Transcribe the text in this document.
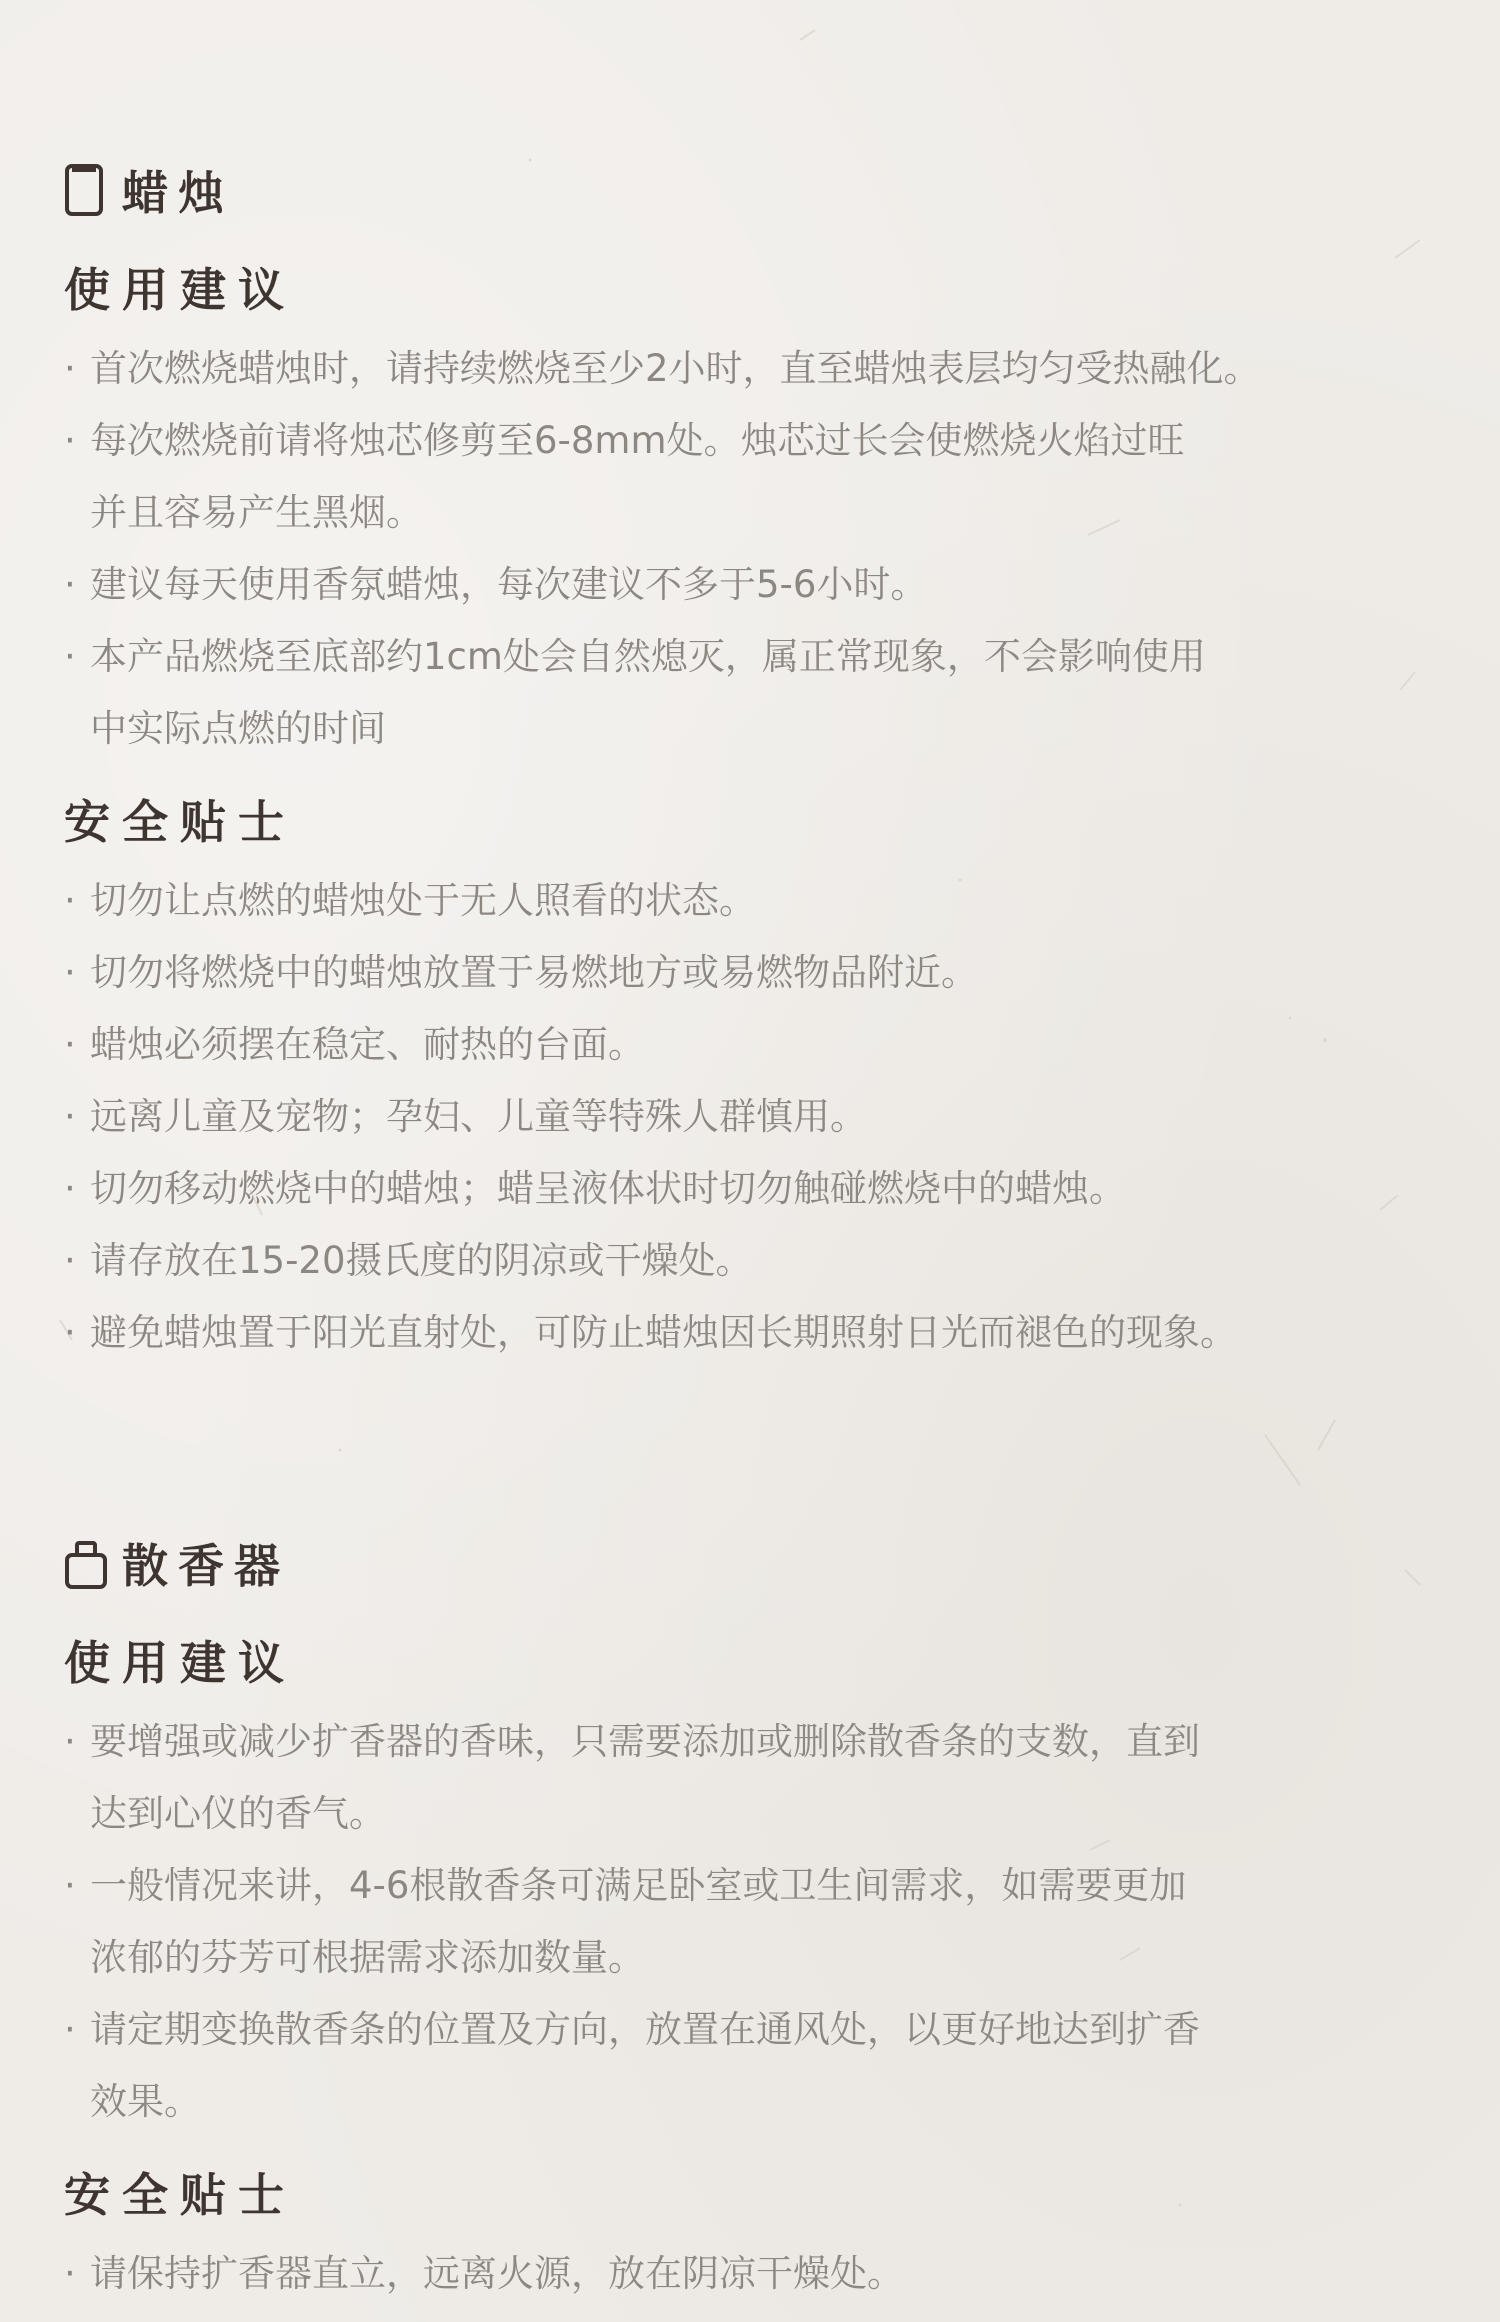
蜡烛
使用建议
· 首次燃烧蜡烛时，请持续燃烧至少2小时，直至蜡烛表层均匀受热融化。
· 每次燃烧前请将烛芯修剪至6-8mm处。烛芯过长会使燃烧火焰过旺
并且容易产生黑烟。
· 建议每天使用香氛蜡烛，每次建议不多于5-6小时。
· 本产品燃烧至底部约1cm处会自然熄灭，属正常现象，不会影响使用
中实际点燃的时间
安全贴士
· 切勿让点燃的蜡烛处于无人照看的状态。
· 切勿将燃烧中的蜡烛放置于易燃地方或易燃物品附近。
· 蜡烛必须摆在稳定、耐热的台面。
· 远离儿童及宠物；孕妇、儿童等特殊人群慎用。
· 切勿移动燃烧中的蜡烛；蜡呈液体状时切勿触碰燃烧中的蜡烛。
· 请存放在15-20摄氏度的阴凉或干燥处。
· 避免蜡烛置于阳光直射处，可防止蜡烛因长期照射日光而褪色的现象。
散香器
使用建议
· 要增强或减少扩香器的香味，只需要添加或删除散香条的支数，直到
达到心仪的香气。
· 一般情况来讲，4-6根散香条可满足卧室或卫生间需求，如需要更加
浓郁的芬芳可根据需求添加数量。
· 请定期变换散香条的位置及方向，放置在通风处，以更好地达到扩香
效果。
安全贴士
· 请保持扩香器直立，远离火源，放在阴凉干燥处。
